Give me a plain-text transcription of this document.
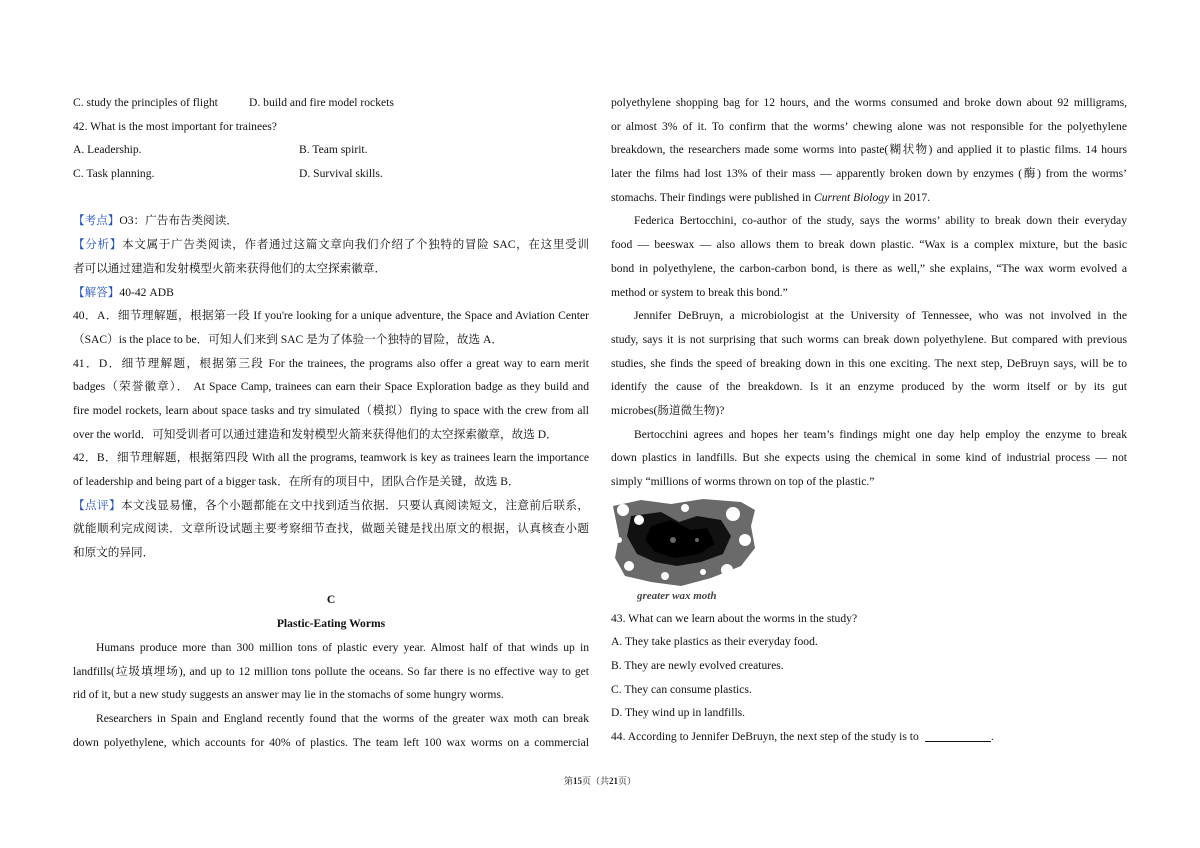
C. study the principles of flight	D. build and fire model rockets
42. What is the most important for trainees?
A. Leadership.	B. Team spirit.
C. Task planning.	D. Survival skills.
【考点】O3：广告布告类阅读．
【分析】本文属于广告类阅读，作者通过这篇文章向我们介绍了个独特的冒险 SAC，在这里受训
者可以通过建造和发射模型火箭来获得他们的太空探索徽章．
【解答】40-42 ADB
40．A．细节理解题，根据第一段 If you're looking for a unique adventure, the Space and Aviation Center
（SAC）is the place to be．可知人们来到 SAC 是为了体验一个独特的冒险，故选 A．
41．D．细节理解题，根据第三段 For the trainees, the programs also offer a great way to earn merit
badges（荣誉徽章）． At Space Camp, trainees can earn their Space Exploration badge as they build and
fire model rockets, learn about space tasks and try simulated（模拟）flying to space with the crew from all
over the world．可知受训者可以通过建造和发射模型火箭来获得他们的太空探索徽章，故选 D．
42．B．细节理解题，根据第四段 With all the programs, teamwork is key as trainees learn the importance
of leadership and being part of a bigger task．在所有的项目中，团队合作是关键，故选 B．
【点评】本文浅显易懂，各个小题都能在文中找到适当依据．只要认真阅读短文，注意前后联系，
就能顺利完成阅读．文章所设试题主要考察细节查找，做题关键是找出原文的根据，认真核查小题
和原文的异同．
C
Plastic-Eating Worms
Humans produce more than 300 million tons of plastic every year. Almost half of that winds up in
landfills(垃圾填埋场), and up to 12 million tons pollute the oceans. So far there is no effective way to get
rid of it, but a new study suggests an answer may lie in the stomachs of some hungry worms.
Researchers in Spain and England recently found that the worms of the greater wax moth can break
down polyethylene, which accounts for 40% of plastics. The team left 100 wax worms on a commercial
polyethylene shopping bag for 12 hours, and the worms consumed and broke down about 92 milligrams,
or almost 3% of it. To confirm that the worms’ chewing alone was not responsible for the polyethylene
breakdown, the researchers made some worms into paste(糊状物) and applied it to plastic films. 14 hours
later the films had lost 13% of their mass — apparently broken down by enzymes (酶) from the worms’
stomachs. Their findings were published in Current Biology in 2017.
Federica Bertocchini, co-author of the study, says the worms’ ability to break down their everyday
food — beeswax — also allows them to break down plastic. “Wax is a complex mixture, but the basic
bond in polyethylene, the carbon-carbon bond, is there as well,” she explains, “The wax worm evolved a
method or system to break this bond.”
Jennifer DeBruyn, a microbiologist at the University of Tennessee, who was not involved in the
study, says it is not surprising that such worms can break down polyethylene. But compared with previous
studies, she finds the speed of breaking down in this one exciting. The next step, DeBruyn says, will be to
identify the cause of the breakdown. Is it an enzyme produced by the worm itself or by its gut
microbes(肠道微生物)?
Bertocchini agrees and hopes her team’s findings might one day help employ the enzyme to break
down plastics in landfills. But she expects using the chemical in some kind of industrial process — not
simply “millions of worms thrown on top of the plastic.”
greater wax moth
43. What can we learn about the worms in the study?
A. They take plastics as their everyday food.
B. They are newly evolved creatures.
C. They can consume plastics.
D. They wind up in landfills.
44. According to Jennifer DeBruyn, the next step of the study is to	.
第15页（共21页）
